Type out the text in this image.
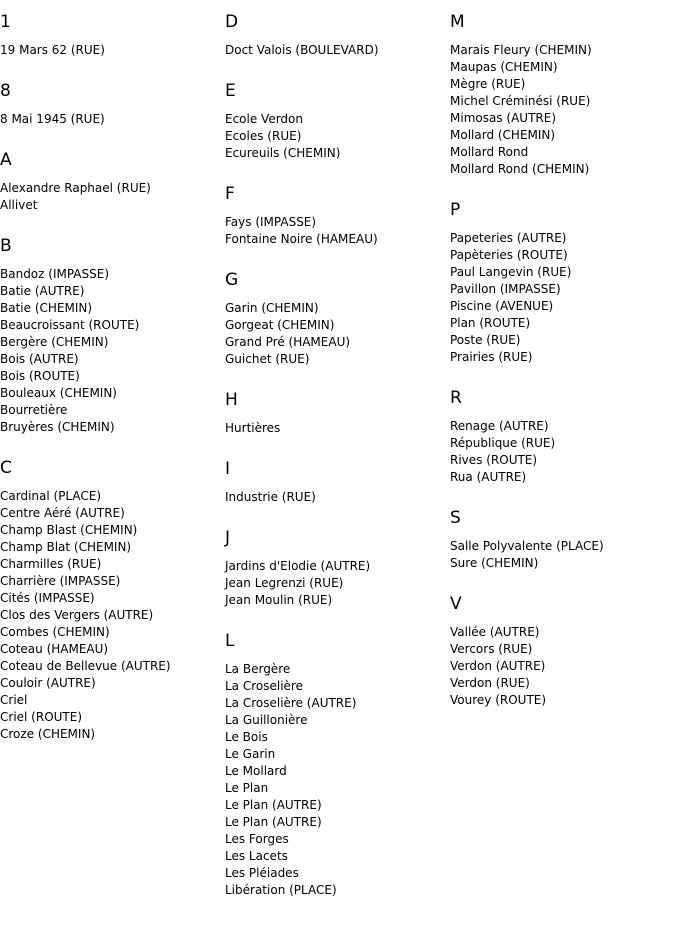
1
19 Mars 62 (RUE)
8
8 Mai 1945 (RUE)
A
Alexandre Raphael (RUE)
Allivet
B
Bandoz (IMPASSE)
Batie (AUTRE)
Batie (CHEMIN)
Beaucroissant (ROUTE)
Bergère (CHEMIN)
Bois (AUTRE)
Bois (ROUTE)
Bouleaux (CHEMIN)
Bourretière
Bruyères (CHEMIN)
C
Cardinal (PLACE)
Centre Aéré (AUTRE)
Champ Blast (CHEMIN)
Champ Blat (CHEMIN)
Charmilles (RUE)
Charrière (IMPASSE)
Cités (IMPASSE)
Clos des Vergers (AUTRE)
Combes (CHEMIN)
Coteau (HAMEAU)
Coteau de Bellevue (AUTRE)
Couloir (AUTRE)
Criel
Criel (ROUTE)
Croze (CHEMIN)
D
Doct Valois (BOULEVARD)
E
Ecole Verdon
Ecoles (RUE)
Ecureuils (CHEMIN)
F
Fays (IMPASSE)
Fontaine Noire (HAMEAU)
G
Garin (CHEMIN)
Gorgeat (CHEMIN)
Grand Pré (HAMEAU)
Guichet (RUE)
H
Hurtières
I
Industrie (RUE)
J
Jardins d'Elodie (AUTRE)
Jean Legrenzi (RUE)
Jean Moulin (RUE)
L
La Bergère
La Croselière
La Croselière (AUTRE)
La Guillonière
Le Bois
Le Garin
Le Mollard
Le Plan
Le Plan (AUTRE)
Le Plan (AUTRE)
Les Forges
Les Lacets
Les Pléiades
Libération (PLACE)
M
Marais Fleury (CHEMIN)
Maupas (CHEMIN)
Mègre (RUE)
Michel Créminési (RUE)
Mimosas (AUTRE)
Mollard (CHEMIN)
Mollard Rond
Mollard Rond (CHEMIN)
P
Papeteries (AUTRE)
Papèteries (ROUTE)
Paul Langevin (RUE)
Pavillon (IMPASSE)
Piscine (AVENUE)
Plan (ROUTE)
Poste (RUE)
Prairies (RUE)
R
Renage (AUTRE)
République (RUE)
Rives (ROUTE)
Rua (AUTRE)
S
Salle Polyvalente (PLACE)
Sure (CHEMIN)
V
Vallée (AUTRE)
Vercors (RUE)
Verdon (AUTRE)
Verdon (RUE)
Vourey (ROUTE)
